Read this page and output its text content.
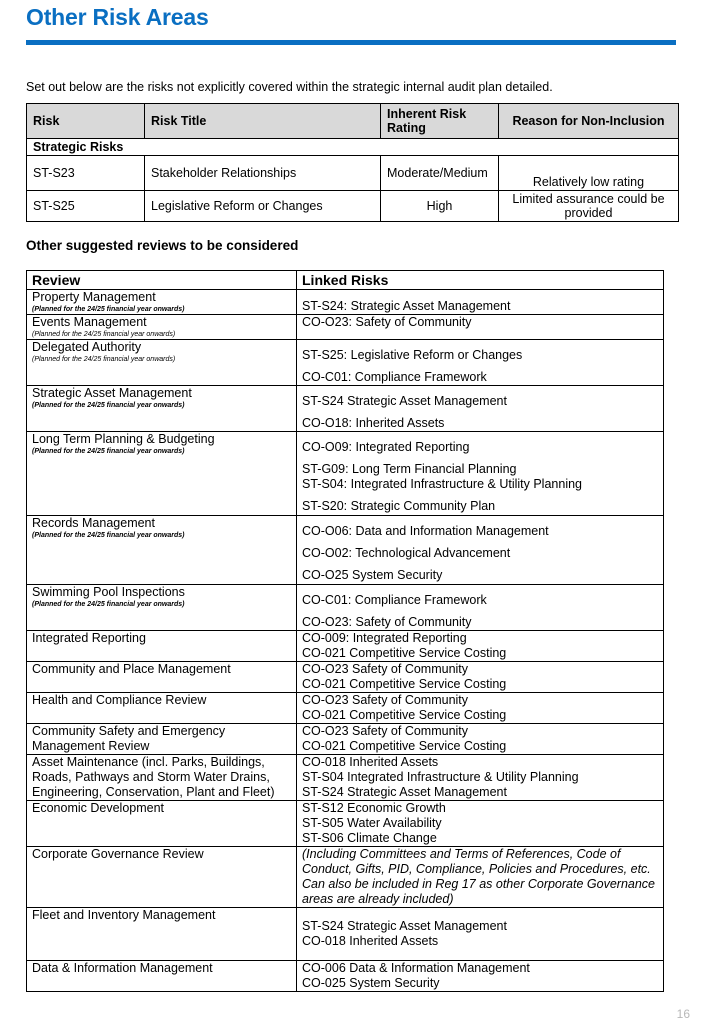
Other Risk Areas
Set out below are the risks not explicitly covered within the strategic internal audit plan detailed.
Risk	Risk Title	Inherent Risk Rating	Reason for Non-Inclusion
Strategic Risks			
ST-S23	Stakeholder Relationships	Moderate/Medium	Relatively low rating
ST-S25	Legislative Reform or Changes	High	Limited assurance could be provided
Other suggested reviews to be considered
Review	Linked Risks
Property Management
(Planned for the 24/25 financial year onwards)	ST-S24: Strategic Asset Management

Events Management
(Planned for the 24/25 financial year onwards)	CO-O23: Safety of Community

Delegated Authority
(Planned for the 24/25 financial year onwards)	ST-S25: Legislative Reform or Changes
CO-C01: Compliance Framework

Strategic Asset Management
(Planned for the 24/25 financial year onwards)	ST-S24 Strategic Asset Management
CO-O18: Inherited Assets

Long Term Planning & Budgeting
(Planned for the 24/25 financial year onwards)	CO-O09: Integrated Reporting
ST-G09: Long Term Financial Planning
ST-S04: Integrated Infrastructure & Utility Planning
ST-S20: Strategic Community Plan

Records Management
(Planned for the 24/25 financial year onwards)	CO-O06: Data and Information Management
CO-O02: Technological Advancement
CO-O25 System Security

Swimming Pool Inspections
(Planned for the 24/25 financial year onwards)	CO-C01: Compliance Framework
CO-O23: Safety of Community

Integrated Reporting	CO-009: Integrated Reporting
CO-021 Competitive Service Costing

Community and Place Management	CO-O23 Safety of Community
CO-021 Competitive Service Costing

Health and Compliance Review	CO-O23 Safety of Community
CO-021 Competitive Service Costing

Community Safety and Emergency Management Review	CO-O23 Safety of Community
CO-021 Competitive Service Costing

Asset Maintenance (incl. Parks, Buildings, Roads, Pathways and Storm Water Drains, Engineering, Conservation, Plant and Fleet)	CO-018 Inherited Assets
ST-S04 Integrated Infrastructure & Utility Planning
ST-S24 Strategic Asset Management

Economic Development	ST-S12 Economic Growth
ST-S05 Water Availability
ST-S06 Climate Change

Corporate Governance Review	(Including Committees and Terms of References, Code of Conduct, Gifts, PID, Compliance, Policies and Procedures, etc. Can also be included in Reg 17 as other Corporate Governance areas are already included)
Fleet and Inventory Management	ST-S24 Strategic Asset Management
CO-018 Inherited Assets

Data & Information Management	CO-006 Data & Information Management
CO-025 System Security
16
